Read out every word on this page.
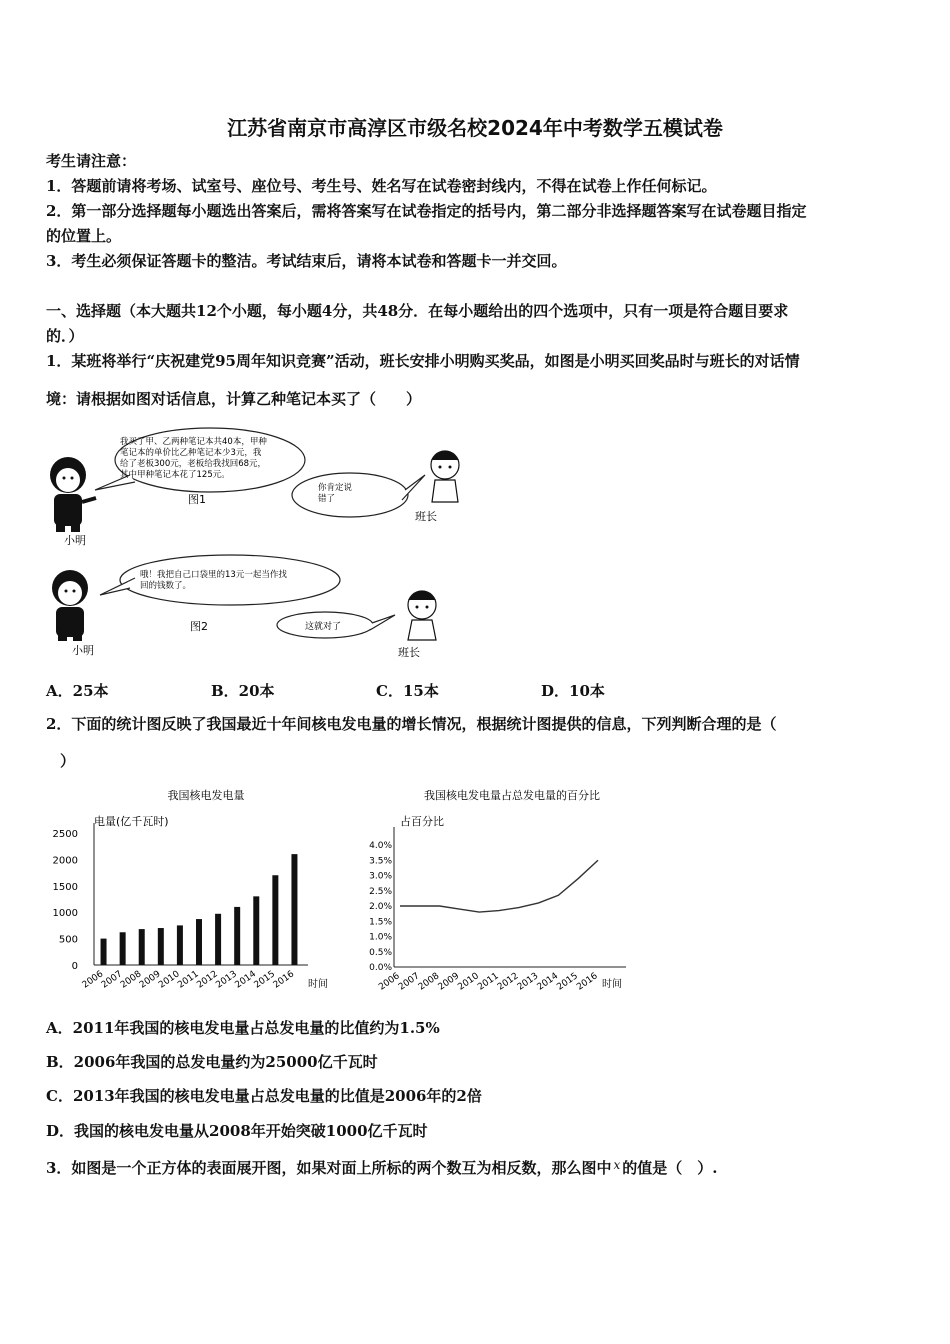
江苏省南京市高淳区市级名校2024年中考数学五模试卷
考生请注意：
1．答题前请将考场、试室号、座位号、考生号、姓名写在试卷密封线内，不得在试卷上作任何标记。
2．第一部分选择题每小题选出答案后，需将答案写在试卷指定的括号内，第二部分非选择题答案写在试卷题目指定
的位置上。
3．考生必须保证答题卡的整洁。考试结束后，请将本试卷和答题卡一并交回。
一、选择题（本大题共12个小题，每小题4分，共48分．在每小题给出的四个选项中，只有一项是符合题目要求
的．）
1．某班将举行“庆祝建党95周年知识竞赛”活动，班长安排小明购买奖品，如图是小明买回奖品时与班长的对话情
境：请根据如图对话信息，计算乙种笔记本买了（　　）
我买了甲、乙两种笔记本共40本，甲种
笔记本的单价比乙种笔记本少3元，我
给了老板300元，老板给我找回68元，
其中甲种笔记本花了125元。
你肯定说
错了
图1
小明
班长
哦！我把自己口袋里的13元一起当作找
回的钱数了。
这就对了
图2
小明	班长
A．25本	B．20本	C．15本	D．10本
2．下面的统计图反映了我国最近十年间核电发电量的增长情况，根据统计图提供的信息，下列判断合理的是（
）
我国核电发电量
电量(亿千瓦时)
时间
2500
2000
1500
1000
500
0
2006
2007
2008
2009
2010
2011
2012
2013
2014
2015
2016
我国核电发电量占总发电量的百分比
占百分比
时间
4.0%
3.5%
3.0%
2.5%
2.0%
1.5%
1.0%
0.5%
0.0%
2006
2007
2008
2009
2010
2011
2012
2013
2014
2015
2016
A．2011年我国的核电发电量占总发电量的比值约为1.5%
B．2006年我国的总发电量约为25000亿千瓦时
C．2013年我国的核电发电量占总发电量的比值是2006年的2倍
D．我国的核电发电量从2008年开始突破1000亿千瓦时
3．如图是一个正方体的表面展开图，如果对面上所标的两个数互为相反数，那么图中 $^x$ 的值是（　）.
